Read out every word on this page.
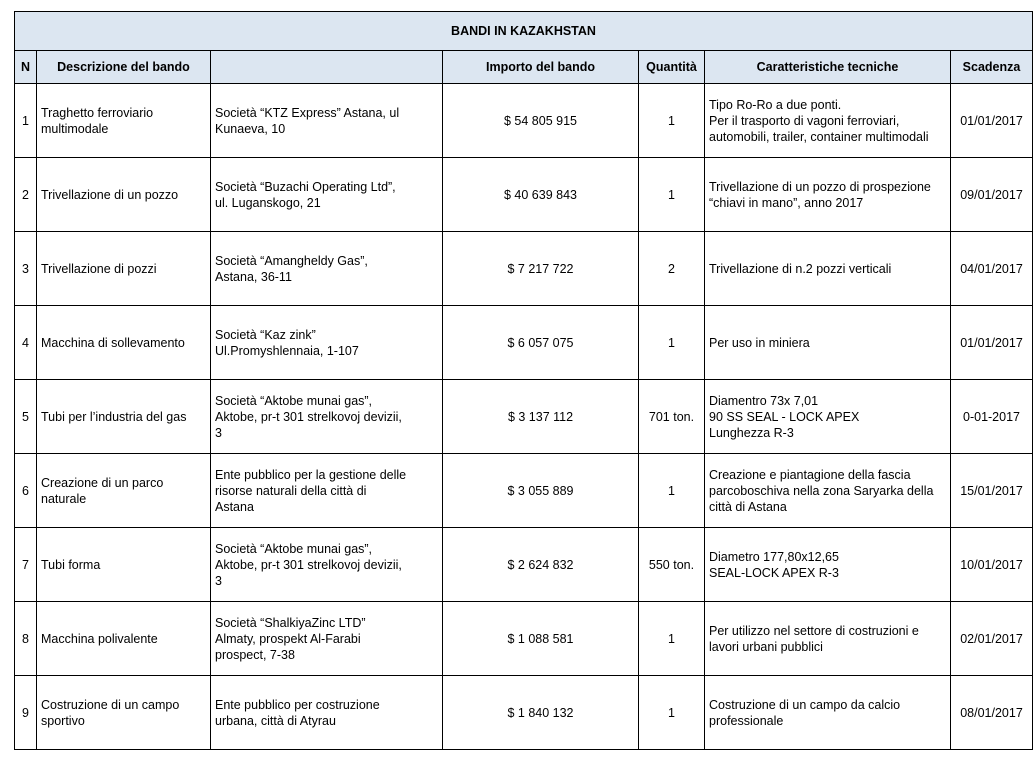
BANDI IN KAZAKHSTAN						
N	Descrizione del bando		Importo del bando	Quantità	Caratteristiche tecniche	Scadenza
1	Traghetto ferroviario
multimodale	Società “KTZ Express” Astana, ul
Kunaeva, 10	$ 54 805 915	1	Tipo Ro-Ro a due ponti.
Per il trasporto di vagoni ferroviari,
automobili, trailer, container multimodali	01/01/2017
2	Trivellazione di un pozzo	Società “Buzachi Operating Ltd”,
ul. Luganskogo, 21	$ 40 639 843	1	Trivellazione di un pozzo di prospezione
“chiavi in mano”, anno 2017	09/01/2017
3	Trivellazione di pozzi	Società “Amangheldy Gas”,
Astana, 36-11	$ 7 217 722	2	Trivellazione di n.2 pozzi verticali	04/01/2017
4	Macchina di sollevamento	Società “Kaz zink”
Ul.Promyshlennaia, 1-107	$ 6 057 075	1	Per uso in miniera	01/01/2017
5	Tubi per l’industria del gas	Società “Aktobe munai gas”,
Aktobe, pr-t 301 strelkovoj devizii,
3	$ 3 137 112	701 ton.	Diamentro 73x 7,01
90 SS SEAL - LOCK APEX
Lunghezza R-3	0-01-2017
6	Creazione di un parco
naturale	Ente pubblico per la gestione delle
risorse naturali della città di
Astana	$ 3 055 889	1	Creazione e piantagione della fascia
parcoboschiva nella zona Saryarka della
città di Astana	15/01/2017
7	Tubi forma	Società “Aktobe munai gas”,
Aktobe, pr-t 301 strelkovoj devizii,
3	$ 2 624 832	550 ton.	Diametro 177,80x12,65
SEAL-LOCK APEX R-3	10/01/2017
8	Macchina polivalente	Società “ShalkiyaZinc LTD”
Almaty, prospekt Al-Farabi
prospect, 7-38	$ 1 088 581	1	Per utilizzo nel settore di costruzioni e
lavori urbani pubblici	02/01/2017
9	Costruzione di un campo
sportivo	Ente pubblico per costruzione
urbana, città di Atyrau	$ 1 840 132	1	Costruzione di un campo da calcio
professionale	08/01/2017
